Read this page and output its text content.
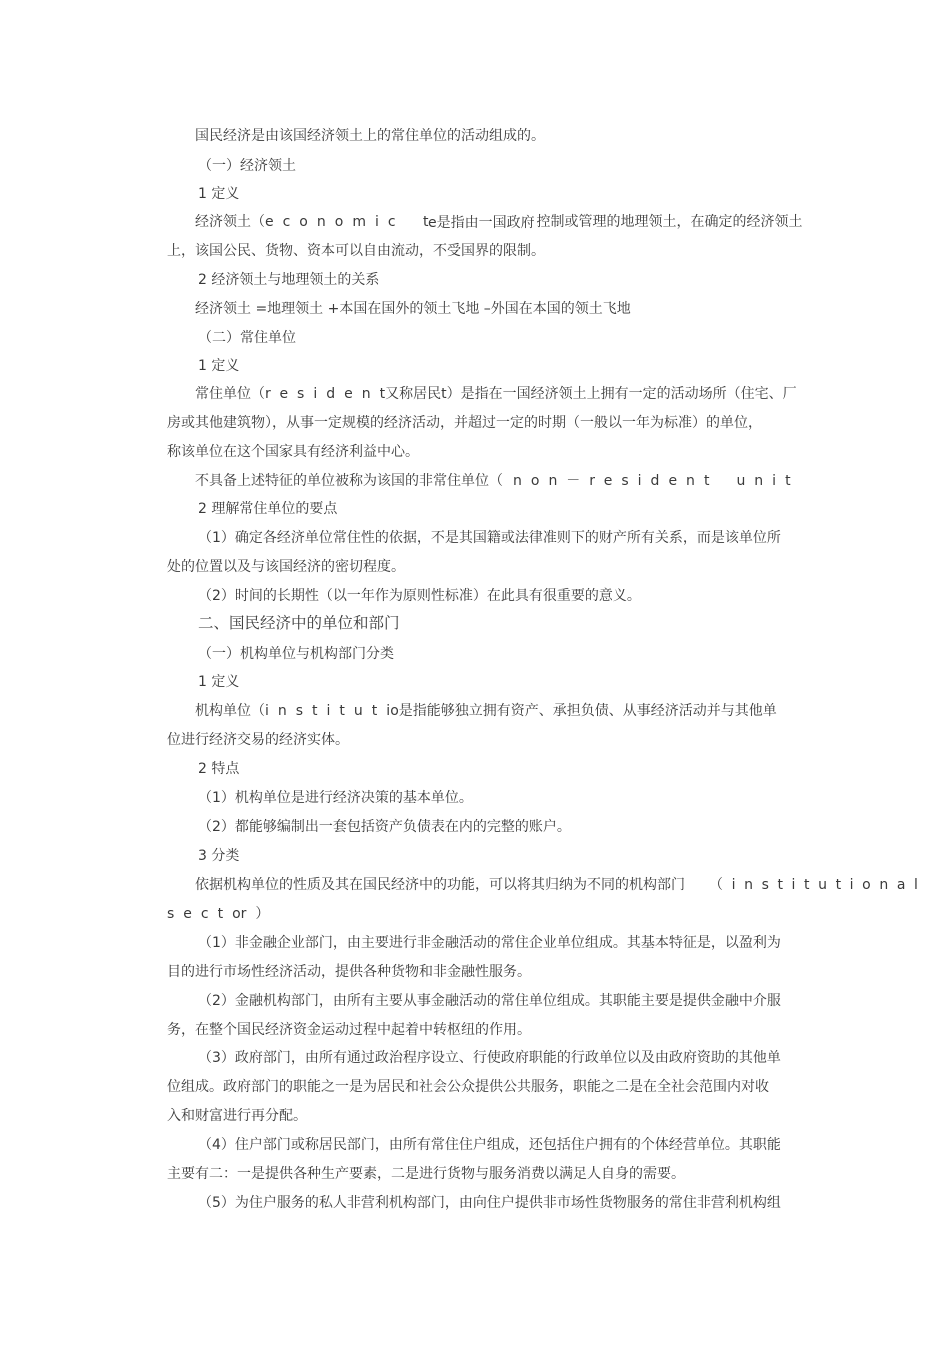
国民经济是由该国经济领土上的常住单位的活动组成的。
（一）经济领土
1 定义
经济领土（economic t e是指由一国政府 控制或管理的地理领土，在确定的经济领土
上，该国公民、货物、资本可以自由流动，不受国界的限制。
2 经济领土与地理领土的关系
经济领土 =地理领土 +本国在国外的领土飞地 –外国在本国的领土飞地
（二）常住单位
1 定义
常住单位（resident又称居民t）是指在一国经济领土上拥有一定的活动场所（住宅、厂
房或其他建筑物），从事一定规模的经济活动，并超过一定的时期（一般以一年为标准）的单位，
称该单位在这个国家具有经济利益中心。
不具备上述特征的单位被称为该国的非常住单位（ non－resident unit
2 理解常住单位的要点
（1）确定各经济单位常住性的依据，不是其国籍或法律准则下的财产所有关系，而是该单位所
处的位置以及与该国经济的密切程度。
（2）时间的长期性（以一年作为原则性标准）在此具有很重要的意义。
二、国民经济中的单位和部门
（一）机构单位与机构部门分类
1 定义
机构单位（institutio是指能够独立拥有资产、承担负债、从事经济活动并与其他单
位进行经济交易的经济实体。
2 特点
（1）机构单位是进行经济决策的基本单位。
（2）都能够编制出一套包括资产负债表在内的完整的账户。
3 分类
依据机构单位的性质及其在国民经济中的功能，可以将其归纳为不同的机构部门 （institutional
sector）
（1）非金融企业部门，由主要进行非金融活动的常住企业单位组成。其基本特征是，以盈利为
目的进行市场性经济活动，提供各种货物和非金融性服务。
（2）金融机构部门，由所有主要从事金融活动的常住单位组成。其职能主要是提供金融中介服
务，在整个国民经济资金运动过程中起着中转枢纽的作用。
（3）政府部门，由所有通过政治程序设立、行使政府职能的行政单位以及由政府资助的其他单
位组成。政府部门的职能之一是为居民和社会公众提供公共服务，职能之二是在全社会范围内对收
入和财富进行再分配。
（4）住户部门或称居民部门，由所有常住住户组成，还包括住户拥有的个体经营单位。其职能
主要有二：一是提供各种生产要素，二是进行货物与服务消费以满足人自身的需要。
（5）为住户服务的私人非营利机构部门，由向住户提供非市场性货物服务的常住非营利机构组
